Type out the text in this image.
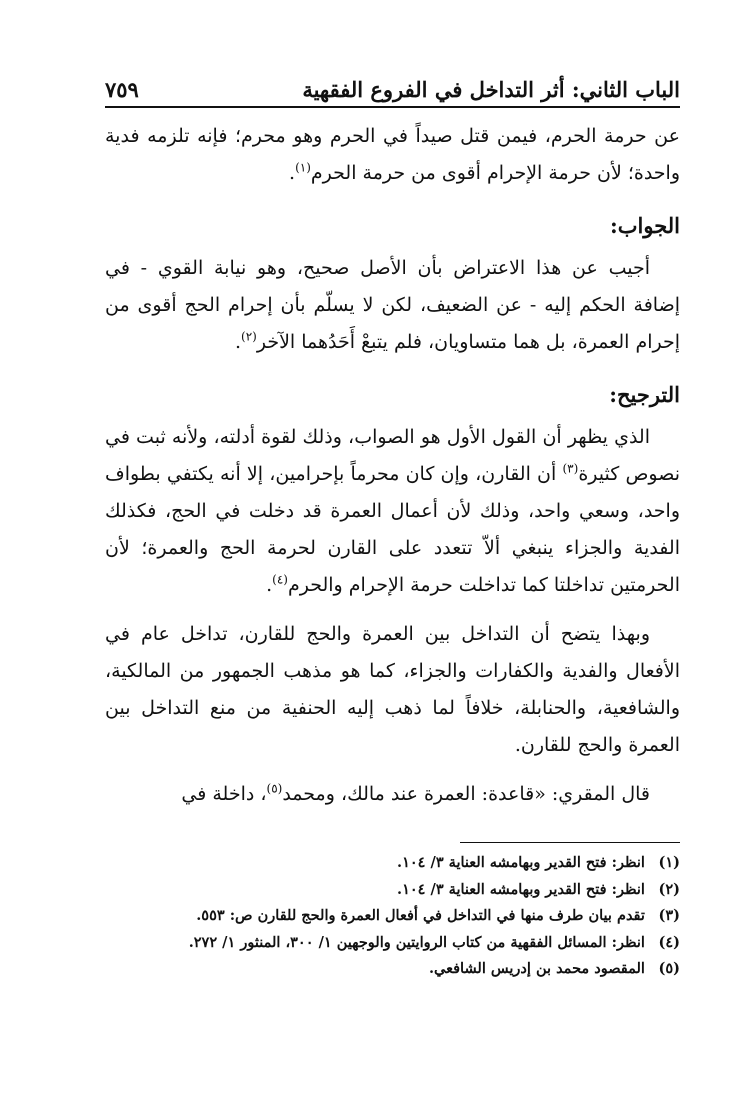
٧٥٩	الباب الثاني: أثر التداخل في الفروع الفقهية

عن حرمة الحرم، فيمن قتل صيداً في الحرم وهو محرم؛ فإنه تلزمه فدية واحدة؛ لأن حرمة الإحرام أقوى من حرمة الحرم$^{(١)}$.

الجواب:

أجيب عن هذا الاعتراض بأن الأصل صحيح، وهو نيابة القوي - في إضافة الحكم إليه - عن الضعيف، لكن لا يسلّم بأن إحرام الحج أقوى من إحرام العمرة، بل هما متساويان، فلم يتبعْ أَحَدُهما الآخر$^{(٢)}$.

الترجيح:

الذي يظهر أن القول الأول هو الصواب، وذلك لقوة أدلته، ولأنه ثبت في نصوص كثيرة$^{(٣)}$ أن القارن، وإن كان محرماً بإحرامين، إلا أنه يكتفي بطواف واحد، وسعي واحد، وذلك لأن أعمال العمرة قد دخلت في الحج، فكذلك الفدية والجزاء ينبغي ألاّ تتعدد على القارن لحرمة الحج والعمرة؛ لأن الحرمتين تداخلتا كما تداخلت حرمة الإحرام والحرم$^{(٤)}$.

وبهذا يتضح أن التداخل بين العمرة والحج للقارن، تداخل عام في الأفعال والفدية والكفارات والجزاء، كما هو مذهب الجمهور من المالكية، والشافعية، والحنابلة، خلافاً لما ذهب إليه الحنفية من منع التداخل بين العمرة والحج للقارن.

قال المقري: «قاعدة: العمرة عند مالك، ومحمد$^{(٥)}$، داخلة في

(١) انظر: فتح القدير وبهامشه العناية ٣/ ١٠٤.
(٢) انظر: فتح القدير وبهامشه العناية ٣/ ١٠٤.
(٣) تقدم بيان طرف منها في التداخل في أفعال العمرة والحج للقارن ص: ٥٥٣.
(٤) انظر: المسائل الفقهية من كتاب الروايتين والوجهين ١/ ٣٠٠، المنثور ١/ ٢٧٢.
(٥) المقصود محمد بن إدريس الشافعي.
